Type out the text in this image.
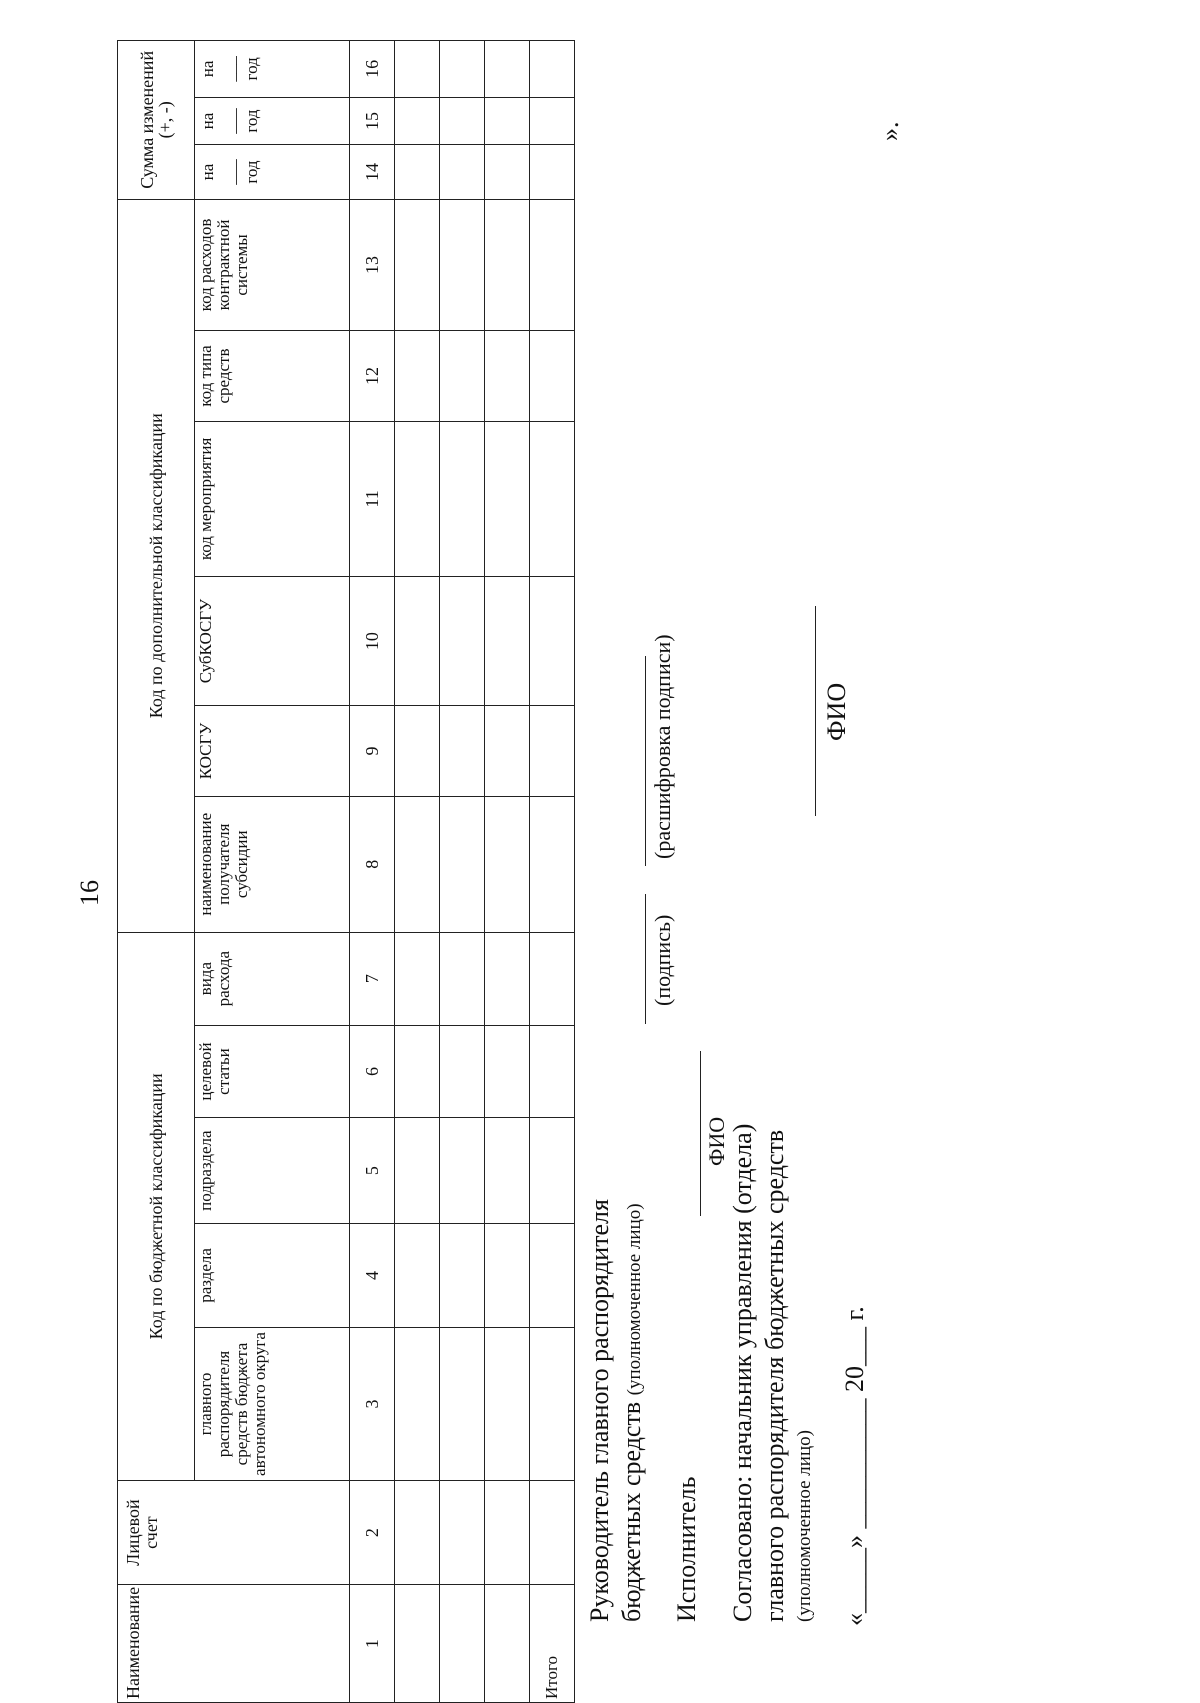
16
Наименование	Лицевой счет	Код по бюджетной классификации					Код по дополнительной классификации						Сумма изменений (+, -)		
		главного распорядителя средств бюджета автономного округа	раздела	подраздела	целевой статьи	вида расхода	наименование получателя субсидии	КОСГУ	СубКОСГУ	код мероприятия	код типа средств	код расходов контрактной системы	на ___ год	на ___ год	на ___ год
1	2	3	4	5	6	7	8	9	10	11	12	13	14	15	16

Итого															
Руководитель главного распорядителя бюджетных средств (уполномоченное лицо)
(подпись)
(расшифровка подписи)
Исполнитель
ФИО Согласовано: начальник управления (отдела) главного распорядителя бюджетных средств (уполномоченное лицо)
ФИО
«_____» __________ 20___ г.
».
